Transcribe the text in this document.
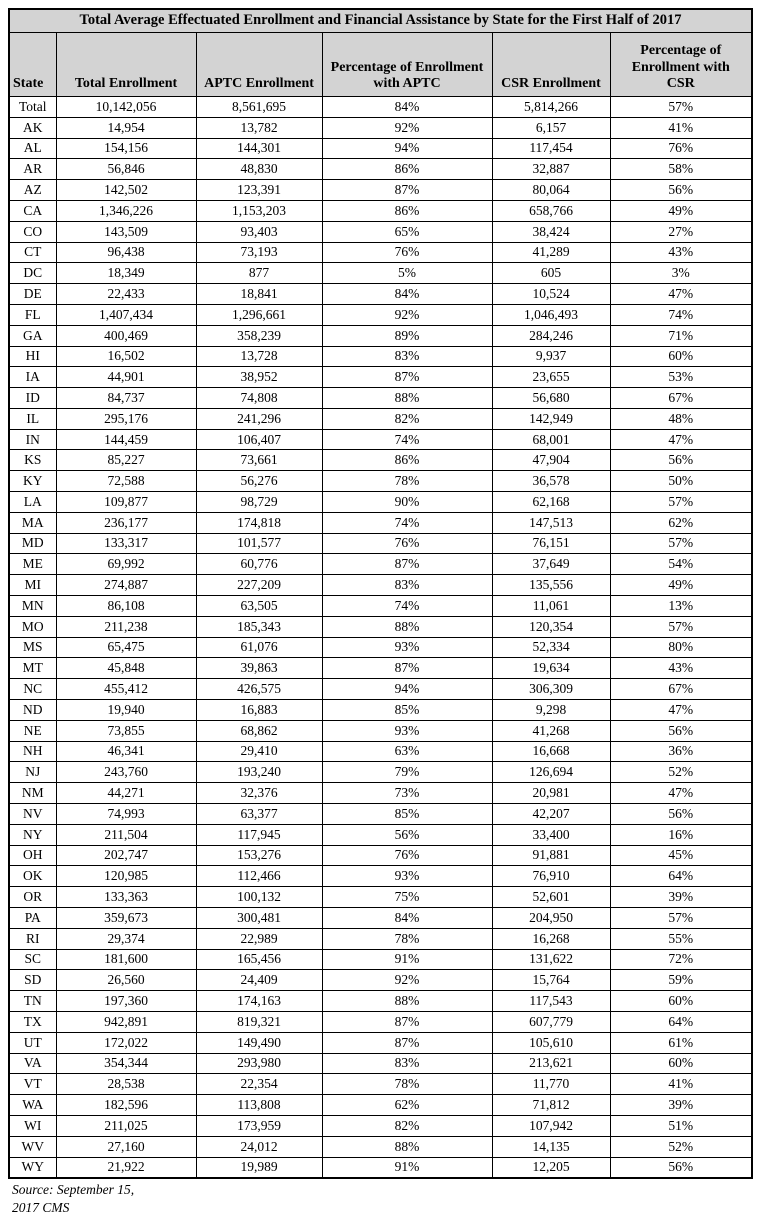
Total Average Effectuated Enrollment and Financial Assistance by State for the First Half of 2017					
State	Total Enrollment	APTC Enrollment	Percentage of Enrollment with APTC	CSR Enrollment	Percentage of Enrollment with CSR
Total	10,142,056	8,561,695	84%	5,814,266	57%
AK	14,954	13,782	92%	6,157	41%
AL	154,156	144,301	94%	117,454	76%
AR	56,846	48,830	86%	32,887	58%
AZ	142,502	123,391	87%	80,064	56%
CA	1,346,226	1,153,203	86%	658,766	49%
CO	143,509	93,403	65%	38,424	27%
CT	96,438	73,193	76%	41,289	43%
DC	18,349	877	5%	605	3%
DE	22,433	18,841	84%	10,524	47%
FL	1,407,434	1,296,661	92%	1,046,493	74%
GA	400,469	358,239	89%	284,246	71%
HI	16,502	13,728	83%	9,937	60%
IA	44,901	38,952	87%	23,655	53%
ID	84,737	74,808	88%	56,680	67%
IL	295,176	241,296	82%	142,949	48%
IN	144,459	106,407	74%	68,001	47%
KS	85,227	73,661	86%	47,904	56%
KY	72,588	56,276	78%	36,578	50%
LA	109,877	98,729	90%	62,168	57%
MA	236,177	174,818	74%	147,513	62%
MD	133,317	101,577	76%	76,151	57%
ME	69,992	60,776	87%	37,649	54%
MI	274,887	227,209	83%	135,556	49%
MN	86,108	63,505	74%	11,061	13%
MO	211,238	185,343	88%	120,354	57%
MS	65,475	61,076	93%	52,334	80%
MT	45,848	39,863	87%	19,634	43%
NC	455,412	426,575	94%	306,309	67%
ND	19,940	16,883	85%	9,298	47%
NE	73,855	68,862	93%	41,268	56%
NH	46,341	29,410	63%	16,668	36%
NJ	243,760	193,240	79%	126,694	52%
NM	44,271	32,376	73%	20,981	47%
NV	74,993	63,377	85%	42,207	56%
NY	211,504	117,945	56%	33,400	16%
OH	202,747	153,276	76%	91,881	45%
OK	120,985	112,466	93%	76,910	64%
OR	133,363	100,132	75%	52,601	39%
PA	359,673	300,481	84%	204,950	57%
RI	29,374	22,989	78%	16,268	55%
SC	181,600	165,456	91%	131,622	72%
SD	26,560	24,409	92%	15,764	59%
TN	197,360	174,163	88%	117,543	60%
TX	942,891	819,321	87%	607,779	64%
UT	172,022	149,490	87%	105,610	61%
VA	354,344	293,980	83%	213,621	60%
VT	28,538	22,354	78%	11,770	41%
WA	182,596	113,808	62%	71,812	39%
WI	211,025	173,959	82%	107,942	51%
WV	27,160	24,012	88%	14,135	52%
WY	21,922	19,989	91%	12,205	56%
Source: September 15,
2017 CMS
